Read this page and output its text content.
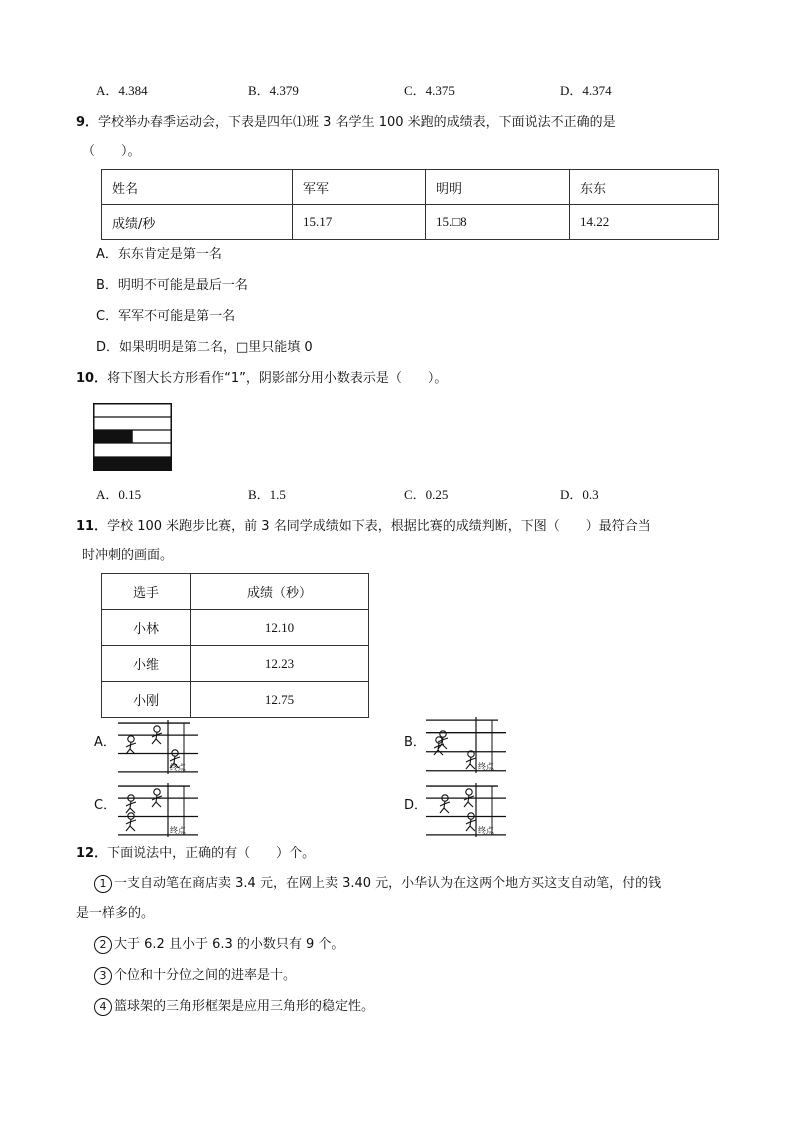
A．4.384	B．4.379	C．4.375	D．4.374
9．学校举办春季运动会，下表是四年⑴班 3 名学生 100 米跑的成绩表，下面说法不正确的是
（　　）。
姓名	军军	明明	东东
成绩/秒	15.17	15.□8	14.22
A．东东肯定是第一名
B．明明不可能是最后一名
C．军军不可能是第一名
D．如果明明是第二名，□里只能填 0
10．将下图大长方形看作“1”，阴影部分用小数表示是（　　）。
A．0.15	B．1.5	C．0.25	D．0.3
11．学校 100 米跑步比赛，前 3 名同学成绩如下表，根据比赛的成绩判断，下图（　　）最符合当
时冲刺的画面。
选手	成绩（秒）
小林	12.10
小维	12.23
小刚	12.75
A．	B．
C．	D．
终点	终点
终点	终点
12．下面说法中，正确的有（　　）个。
1 一支自动笔在商店卖 3.4 元，在网上卖 3.40 元，小华认为在这两个地方买这支自动笔，付的钱
是一样多的。
2 大于 6.2 且小于 6.3 的小数只有 9 个。
3 个位和十分位之间的进率是十。
4 篮球架的三角形框架是应用三角形的稳定性。
